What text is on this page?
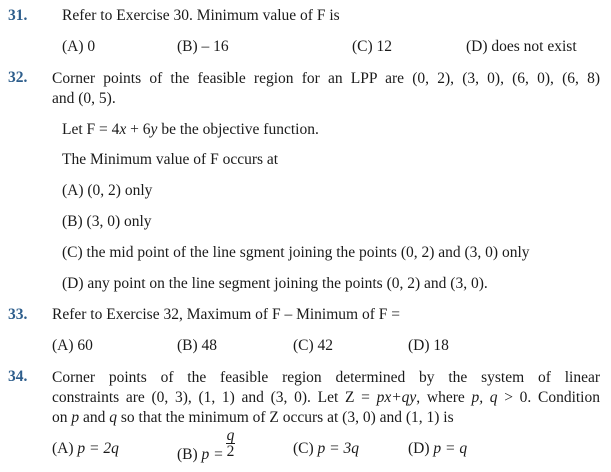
31. Refer to Exercise 30. Minimum value of F is
(A) 0	(B) – 16	(C) 12	(D) does not exist
32. Corner points of the feasible region for an LPP are (0, 2), (3, 0), (6, 0), (6, 8)
and (0, 5).
Let F = 4x + 6y be the objective function.
The Minimum value of F occurs at
(A) (0, 2) only
(B) (3, 0) only
(C) the mid point of the line sgment joining the points (0, 2) and (3, 0) only
(D) any point on the line segment joining the points (0, 2) and (3, 0).
33. Refer to Exercise 32, Maximum of F – Minimum of F =
(A) 60	(B) 48	(C) 42	(D) 18
34. Corner points of the feasible region determined by the system of linear
constraints are (0, 3), (1, 1) and (3, 0). Let Z = px+qy, where p, q > 0. Condition
on p and q so that the minimum of Z occurs at (3, 0) and (1, 1) is
(A) p = 2q	(B) $p = \frac{q}{2}$	(C) p = 3q	(D) p = q
